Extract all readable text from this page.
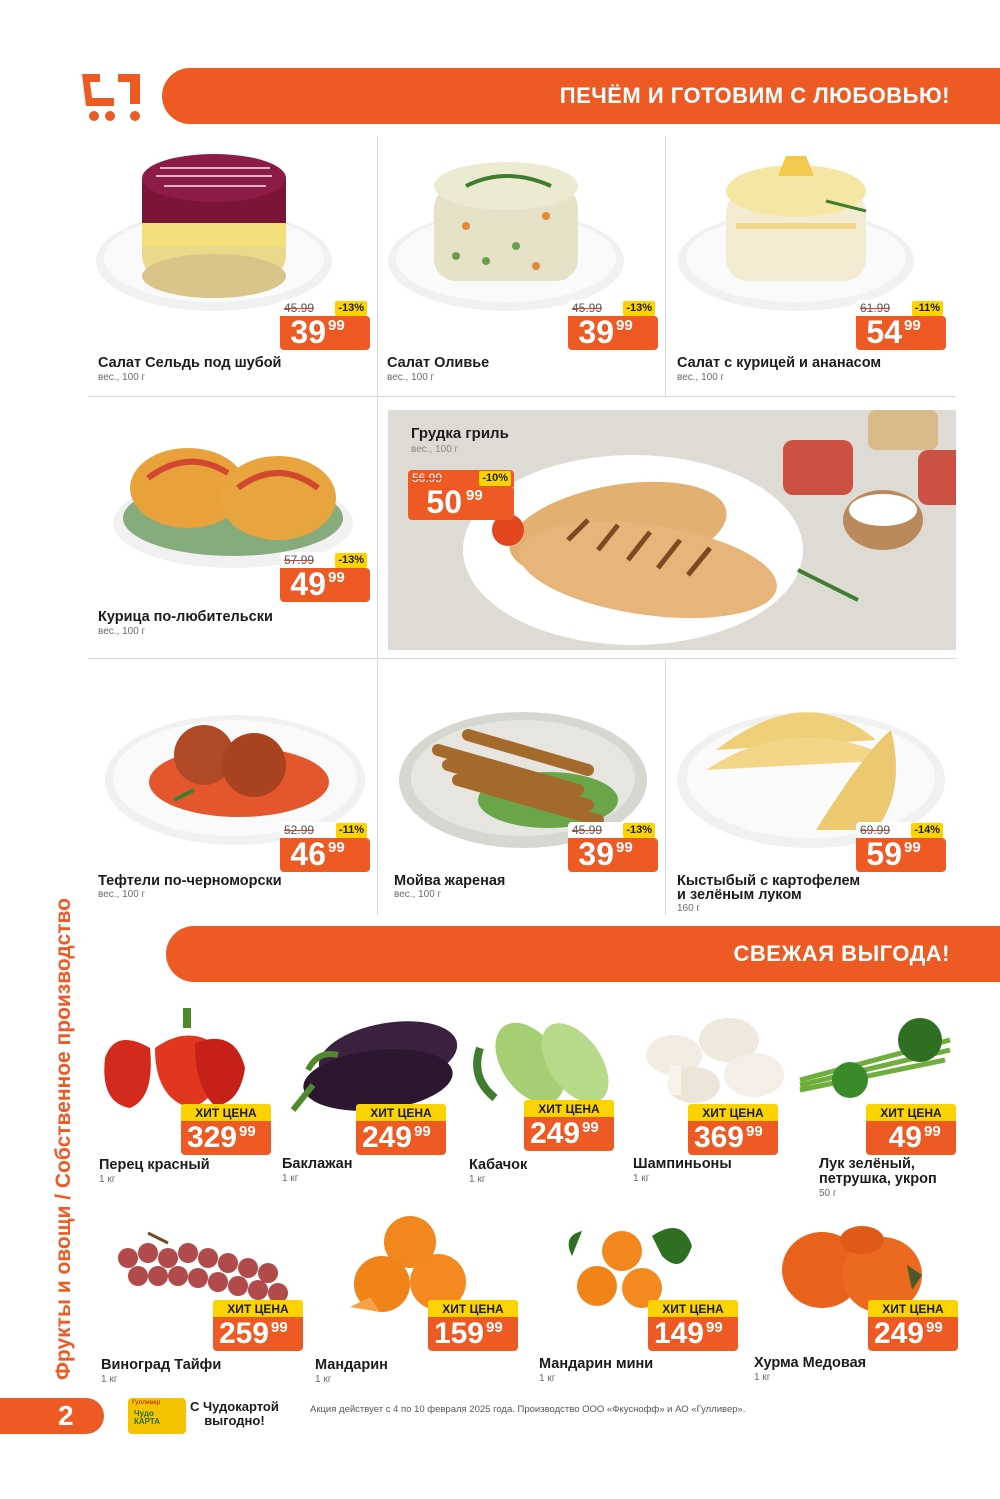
ПЕЧЁМ И ГОТОВИМ С ЛЮБОВЬЮ!
45.99 -13%
39 99
Салат Сельдь под шубой
вес., 100 г
45.99 -13%
39 99
Салат Оливье
вес., 100 г
61.99 -11%
54 99
Салат с курицей и ананасом
вес., 100 г
57.99 -13%
49 99
Курица по-любительски
вес., 100 г
Грудка гриль
вес., 100 г
56.99	-10%
50 99
52.99 -11%
46 99
Тефтели по-черноморски
вес., 100 г
45.99 -13%
39 99
Мойва жареная
вес., 100 г
69.99 -14%
59 99
Кыстыбый с картофелем
и зелёным луком
160 г
СВЕЖАЯ ВЫГОДА!
Фрукты и овощи / Собственное производство	ХИТ ЦЕНА
329 99
Перец красный
1 кг
ХИТ ЦЕНА
249 99
Баклажан
1 кг
ХИТ ЦЕНА
249 99
Кабачок
1 кг
ХИТ ЦЕНА
369 99
Шампиньоны
1 кг
ХИТ ЦЕНА
49 99
Лук зелёный,
петрушка, укроп
50 г
ХИТ ЦЕНА
259 99
Виноград Тайфи
1 кг
ХИТ ЦЕНА
159 99
Мандарин
1 кг
ХИТ ЦЕНА
149 99
Мандарин мини
1 кг
ХИТ ЦЕНА
249 99
Хурма Медовая
1 кг
2	Гулливер
Чудо КАРТА
С Чудокартой
выгодно!
Акция действует с 4 по 10 февраля 2025 года. Производство ООО «Фкуснофф» и АО «Гулливер».
